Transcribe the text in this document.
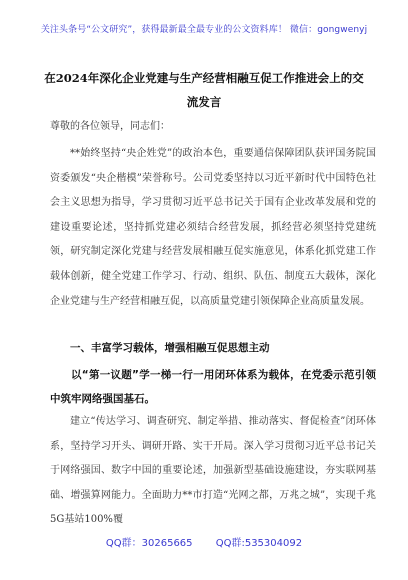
关注头条号“公文研究”，获得最新最全最专业的公文资料库！ 微信：gongwenyj
在2024年深化企业党建与生产经营相融互促工作推进会上的交流发言
尊敬的各位领导，同志们：
**始终坚持“央企姓党”的政治本色，重要通信保障团队获评国务院国资委颁发“央企楷模”荣誉称号。公司党委坚持以习近平新时代中国特色社会主义思想为指导，学习贯彻习近平总书记关于国有企业改革发展和党的建设重要论述，坚持抓党建必须结合经营发展，抓经营必须坚持党建统领，研究制定深化党建与经营发展相融互促实施意见，体系化抓党建工作载体创新，健全党建工作学习、行动、组织、队伍、制度五大载体，深化企业党建与生产经营相融互促，以高质量党建引领保障企业高质量发展。
一、丰富学习载体，增强相融互促思想主动
以“第一议题”学一梯一行一用闭环体系为载体，在党委示范引领中筑牢网络强国基石。
建立“传达学习、调查研究、制定举措、推动落实、督促检查”闭环体系，坚持学习开头、调研开路、实干开局。深入学习贯彻习近平总书记关于网络强国、数字中国的重要论述，加强新型基础设施建设，夯实联网基础、增强算网能力。全面助力**市打造“光网之都，万兆之城”，实现千兆5G基站100%覆
QQ群：30265665 QQ群:535304092
